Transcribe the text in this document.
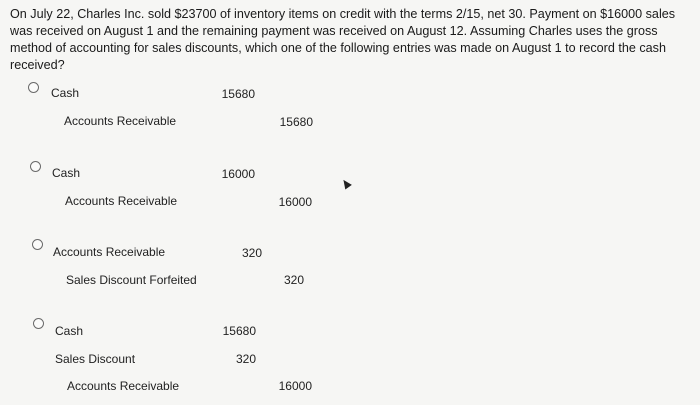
On July 22, Charles Inc. sold $23700 of inventory items on credit with the terms 2/15, net 30. Payment on $16000 sales was received on August 1 and the remaining payment was received on August 12. Assuming Charles uses the gross method of accounting for sales discounts, which one of the following entries was made on August 1 to record the cash received?

Cash	15680
Accounts Receivable	15680
Cash	16000
Accounts Receivable	16000
Accounts Receivable	320
Sales Discount Forfeited	320
Cash	15680
Sales Discount	320
Accounts Receivable	16000
